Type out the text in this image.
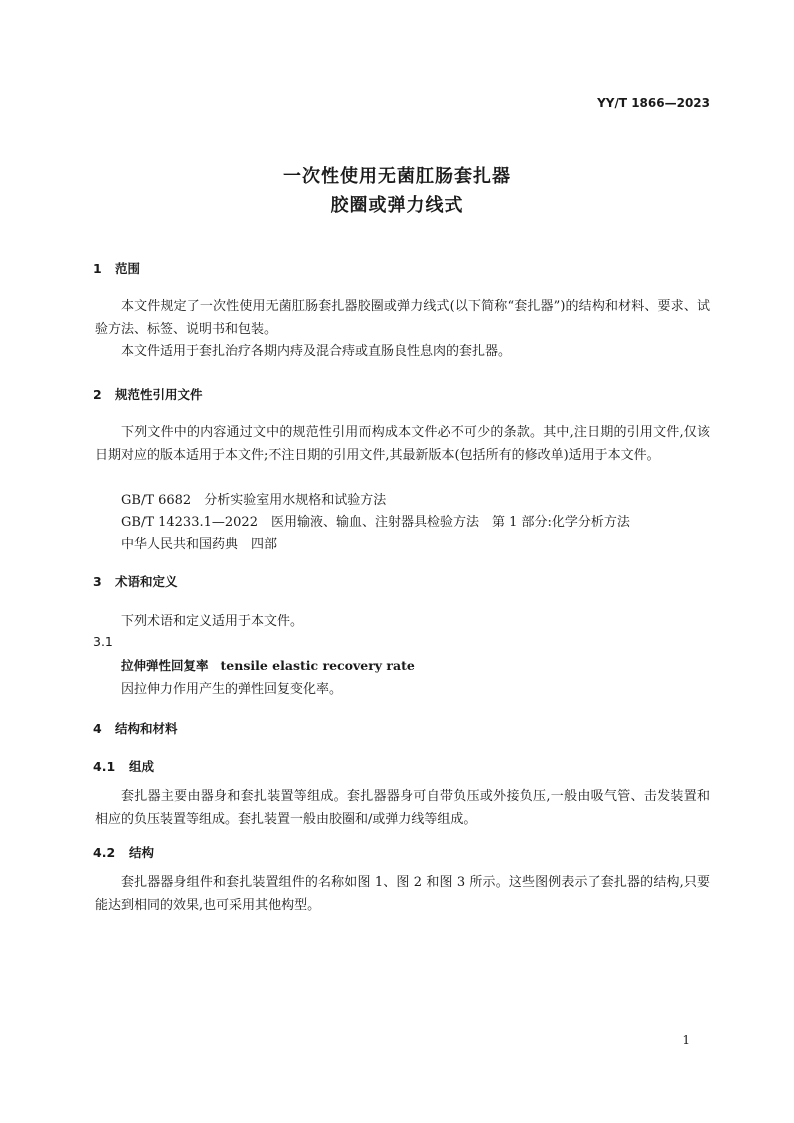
YY/T 1866—2023
一次性使用无菌肛肠套扎器
胶圈或弹力线式
1 范围

本文件规定了一次性使用无菌肛肠套扎器胶圈或弹力线式(以下简称“套扎器”)的结构和材料、要求、试验方法、标签、说明书和包装。

本文件适用于套扎治疗各期内痔及混合痔或直肠良性息肉的套扎器。

2 规范性引用文件

下列文件中的内容通过文中的规范性引用而构成本文件必不可少的条款。其中,注日期的引用文件,仅该日期对应的版本适用于本文件;不注日期的引用文件,其最新版本(包括所有的修改单)适用于本文件。

GB/T 6682　分析实验室用水规格和试验方法
GB/T 14233.1—2022　医用输液、输血、注射器具检验方法　第 1 部分:化学分析方法
中华人民共和国药典　四部
3 术语和定义
下列术语和定义适用于本文件。
3.1
拉伸弹性回复率 tensile elastic recovery rate
因拉伸力作用产生的弹性回复变化率。
4 结构和材料
4.1 组成

套扎器主要由器身和套扎装置等组成。套扎器器身可自带负压或外接负压,一般由吸气管、击发装置和相应的负压装置等组成。套扎装置一般由胶圈和/或弹力线等组成。

4.2 结构

套扎器器身组件和套扎装置组件的名称如图 1、图 2 和图 3 所示。这些图例表示了套扎器的结构,只要能达到相同的效果,也可采用其他构型。

1
